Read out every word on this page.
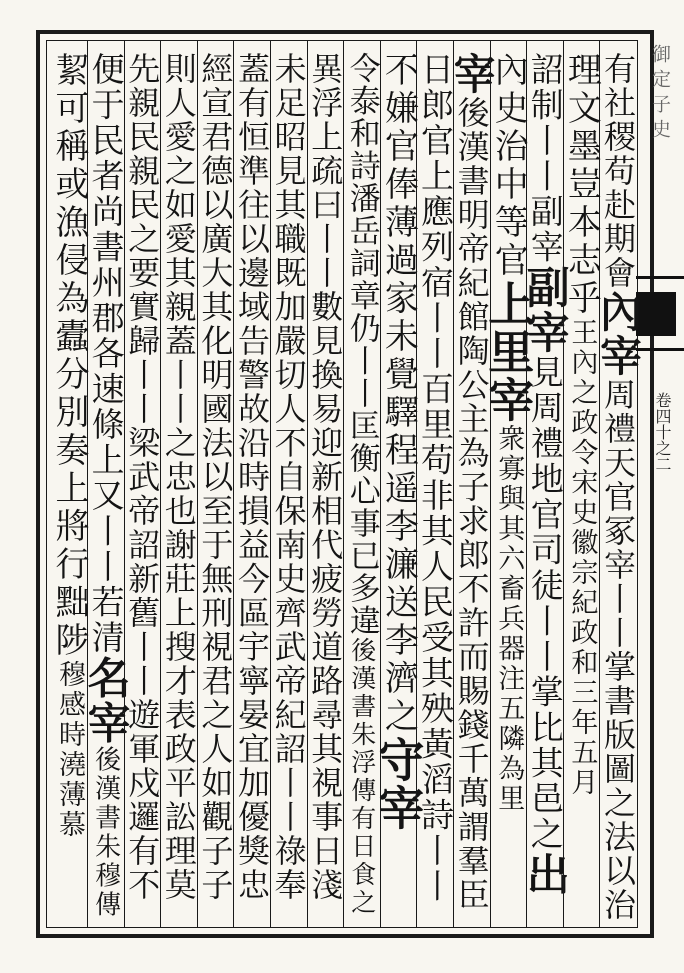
御定子史
卷四十之二
有社稷苟赴期會內宰周禮天官冢宰丨丨掌書版圖之法以治
理文墨豈本志乎王內之政令宋史徽宗紀政和三年五月
詔制丨丨副宰副宰見周禮地官司徒丨丨掌比其邑之出
內史治中等官上里宰衆寡與其六畜兵器注五隣為里
宰後漢書明帝紀館陶公主為子求郎不許而賜錢千萬謂羣臣
日郎官上應列宿丨丨百里苟非其人民受其殃黃滔詩丨丨
不嫌官俸薄過家未覺驛程遥李濂送李濟之守宰
令泰和詩潘岳詞章仍丨丨匡衡心事已多違後漢書朱浮傳有日食之
異浮上疏曰丨丨數見換易迎新相代疲勞道路尋其視事日淺
未足昭見其職既加嚴切人不自保南史齊武帝紀詔丨丨祿奉
蓋有恒準往以邊域告警故沿時損益今區宇寧晏宜加優獎忠
經宣君德以廣大其化明國法以至于無刑視君之人如觀子子
則人愛之如愛其親蓋丨丨之忠也謝莊上搜才表政平訟理莫
先親民親民之要實歸丨丨梁武帝詔新舊丨丨遊軍戍邏有不
便于民者尚書州郡各速條上又丨丨若清名宰後漢書朱穆傳
絜可稱或漁侵為蠹分別奏上將行黜陟穆感時澆薄慕
